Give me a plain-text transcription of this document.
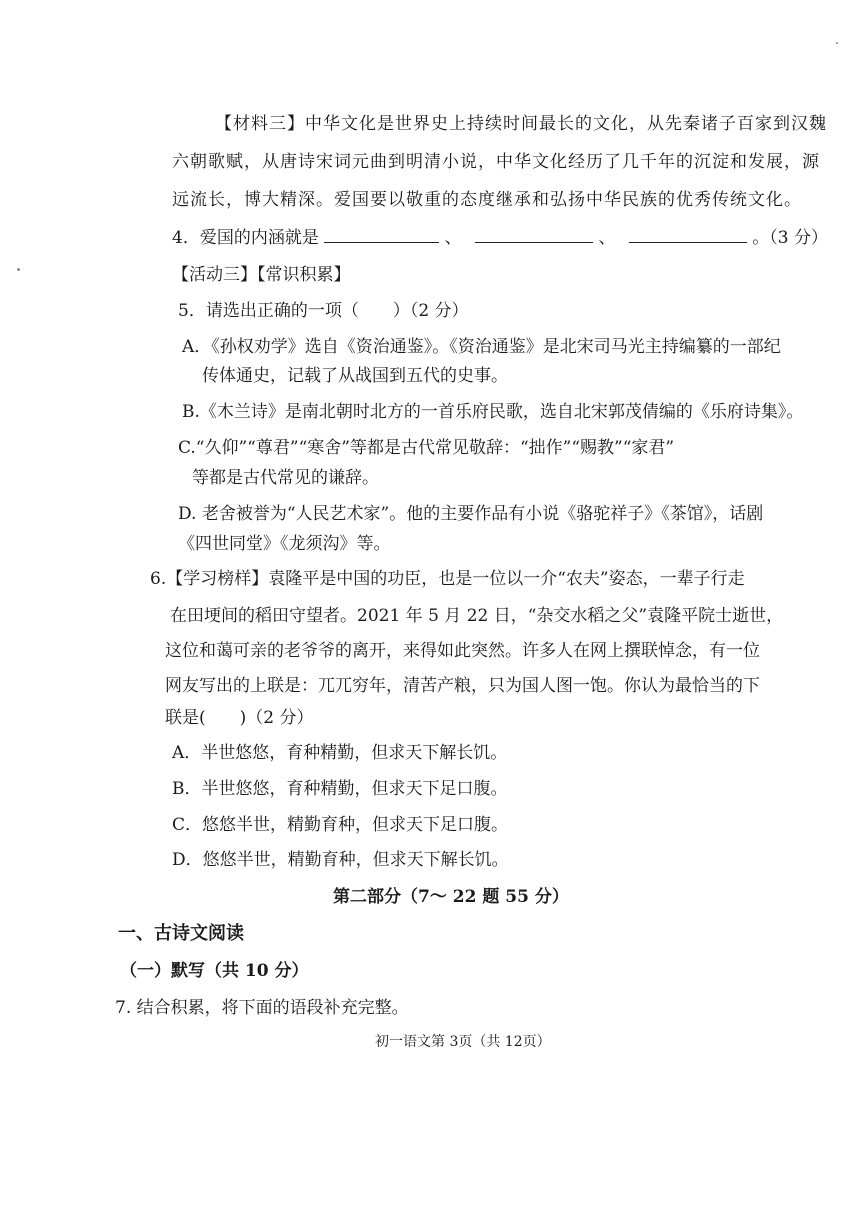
【材料三】中华文化是世界史上持续时间最长的文化，从先秦诸子百家到汉魏
六朝歌赋，从唐诗宋词元曲到明清小说，中华文化经历了几千年的沉淀和发展，源
远流长，博大精深。爱国要以敬重的态度继承和弘扬中华民族的优秀传统文化。
4．爱国的内涵就是	、	、	。（3 分）
【活动三】【常识积累】
5．请选出正确的一项（　　）（2 分）
A．《孙权劝学》选自《资治通鉴》。《资治通鉴》是北宋司马光主持编纂的一部纪
传体通史，记载了从战国到五代的史事。
B.《木兰诗》是南北朝时北方的一首乐府民歌，选自北宋郭茂倩编的《乐府诗集》。
C.“久仰”“尊君”“寒舍”等都是古代常见敬辞：“拙作”“赐教”“家君”
等都是古代常见的谦辞。
D. 老舍被誉为“人民艺术家”。他的主要作品有小说《骆驼祥子》《茶馆》，话剧
《四世同堂》《龙须沟》等。
6.【学习榜样】袁隆平是中国的功臣，也是一位以一介“农夫”姿态，一辈子行走
在田埂间的稻田守望者。2021 年 5 月 22 日，“杂交水稻之父”袁隆平院士逝世，
这位和蔼可亲的老爷爷的离开，来得如此突然。许多人在网上撰联悼念，有一位
网友写出的上联是：兀兀穷年，清苦产粮，只为国人图一饱。你认为最恰当的下
联是(　　)（2 分）
A．半世悠悠，育种精勤，但求天下解长饥。
B．半世悠悠，育种精勤，但求天下足口腹。
C．悠悠半世，精勤育种，但求天下足口腹。
D．悠悠半世，精勤育种，但求天下解长饥。
第二部分（7～ 22 题 55 分）
一、古诗文阅读
（一）默写（共 10 分）
7. 结合积累，将下面的语段补充完整。
初一语文第 3页（共 12页）
